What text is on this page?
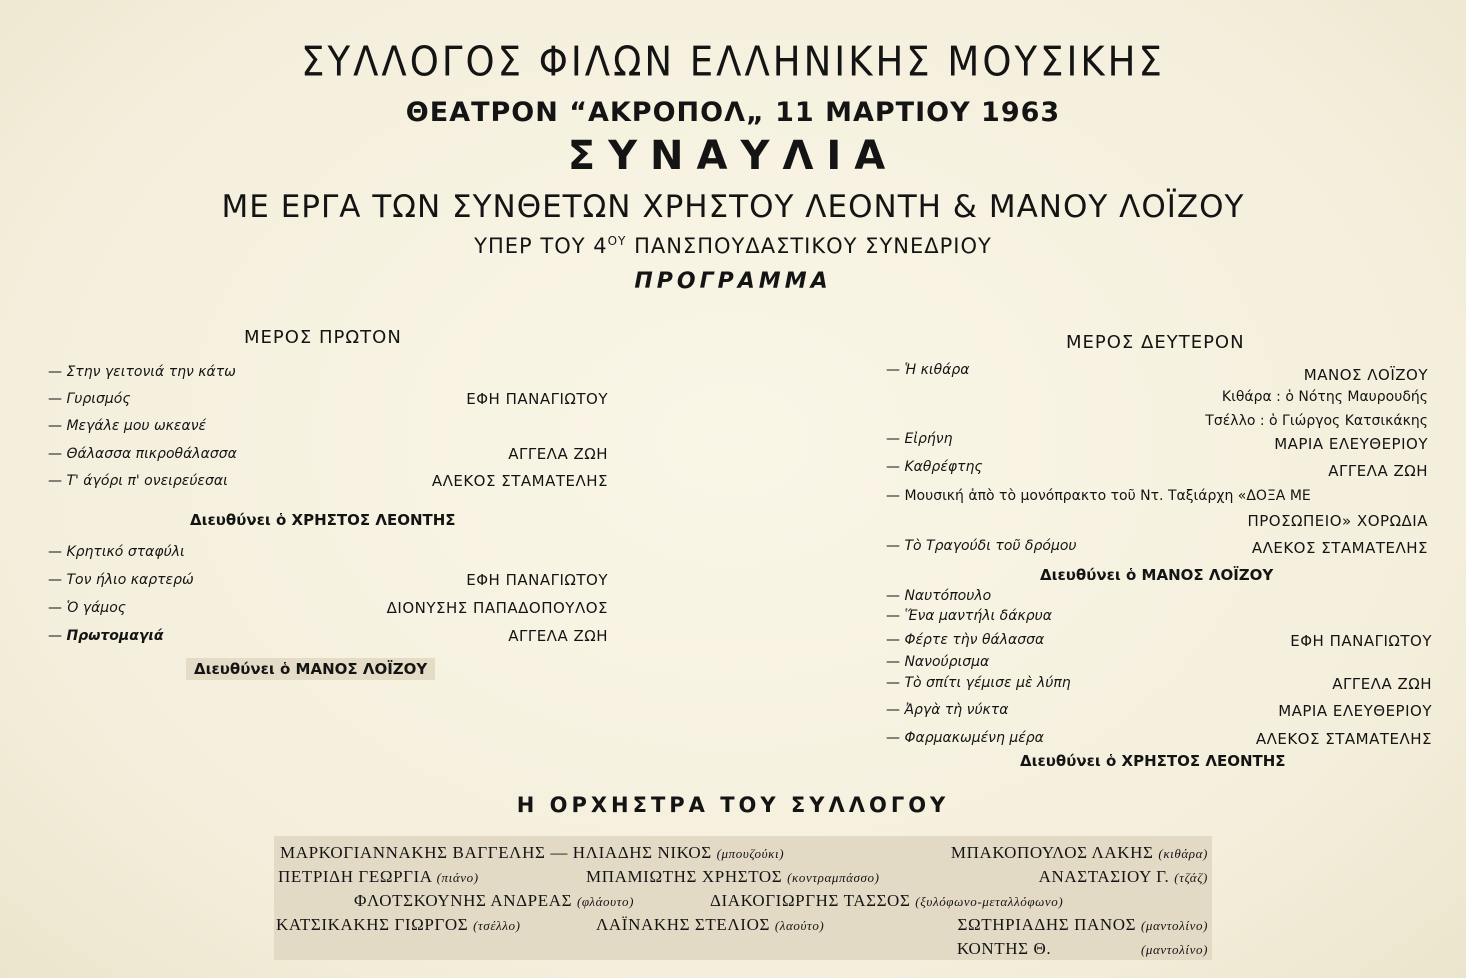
ΣΥΛΛΟΓΟΣ ΦΙΛΩΝ ΕΛΛΗΝΙΚΗΣ ΜΟΥΣΙΚΗΣ
ΘΕΑΤΡΟΝ “ΑΚΡΟΠΟΛ„ 11 ΜΑΡΤΙΟΥ 1963
ΣΥΝΑΥΛΙΑ
ΜΕ ΕΡΓΑ ΤΩΝ ΣΥΝΘΕΤΩΝ ΧΡΗΣΤΟΥ ΛΕΟΝΤΗ & ΜΑΝΟΥ ΛΟΪΖΟΥ
ΥΠΕΡ ΤΟΥ $4^{O\Upsilon}$ ΠΑΝΣΠΟΥΔΑΣΤΙΚΟΥ ΣΥΝΕΔΡΙΟΥ
ΠΡΟΓΡΑΜΜΑ
ΜΕΡΟΣ ΠΡΩΤΟΝ
— Στην γειτονιά την κάτω
— Γυρισμός	ΕΦΗ ΠΑΝΑΓΙΩΤΟΥ
— Μεγάλε μου ωκεανέ
— Θάλασσα πικροθάλασσα	ΑΓΓΕΛΑ ΖΩΗ
— Τ' άγόρι π' ονειρεύεσαι	ΑΛΕΚΟΣ ΣΤΑΜΑΤΕΛΗΣ
Διευθύνει ὁ ΧΡΗΣΤΟΣ ΛΕΟΝΤΗΣ
— Κρητικό σταφύλι
— Τον ήλιο καρτερώ	ΕΦΗ ΠΑΝΑΓΙΩΤΟΥ
— Ὁ γάμος	ΔΙΟΝΥΣΗΣ ΠΑΠΑΔΟΠΟΥΛΟΣ
— Πρωτομαγιά	ΑΓΓΕΛΑ ΖΩΗ
Διευθύνει ὁ ΜΑΝΟΣ ΛΟΪΖΟΥ
ΜΕΡΟΣ ΔΕΥΤΕΡΟΝ
— Ἡ κιθάρα	ΜΑΝΟΣ ΛΟΪΖΟΥ
Κιθάρα : ὁ Νότης Μαυρουδής
Τσέλλο : ὁ Γιώργος Κατσικάκης
— Εἰρήνη	ΜΑΡΙΑ ΕΛΕΥΘΕΡΙΟΥ
— Καθρέφτης	ΑΓΓΕΛΑ ΖΩΗ
— Μουσική ἀπὸ τὸ μονόπρακτο τοῦ Ντ. Ταξιάρχη «ΔΟΞΑ ΜΕ
ΠΡΟΣΩΠΕΙΟ» ΧΟΡΩΔΙΑ
— Τὸ Τραγούδι τοῦ δρόμου	ΑΛΕΚΟΣ ΣΤΑΜΑΤΕΛΗΣ
Διευθύνει ὁ ΜΑΝΟΣ ΛΟΪΖΟΥ
— Ναυτόπουλο
— Ἕνα μαντήλι δάκρυα
— Φέρτε τὴν θάλασσα	ΕΦΗ ΠΑΝΑΓΙΩΤΟΥ
— Νανούρισμα
— Τὸ σπίτι γέμισε μὲ λύπη	ΑΓΓΕΛΑ ΖΩΗ
— Ἀργὰ τὴ νύκτα	ΜΑΡΙΑ ΕΛΕΥΘΕΡΙΟΥ
— Φαρμακωμένη μέρα	ΑΛΕΚΟΣ ΣΤΑΜΑΤΕΛΗΣ
Διευθύνει ὁ ΧΡΗΣΤΟΣ ΛΕΟΝΤΗΣ
Η ΟΡΧΗΣΤΡΑ ΤΟΥ ΣΥΛΛΟΓΟΥ
ΜΑΡΚΟΓΙΑΝΝΑΚΗΣ ΒΑΓΓΕΛΗΣ — ΗΛΙΑΔΗΣ ΝΙΚΟΣ (μπουζούκι)	ΜΠΑΚΟΠΟΥΛΟΣ ΛΑΚΗΣ (κιθάρα)
ΠΕΤΡΙΔΗ ΓΕΩΡΓΙΑ (πιάνο)	ΜΠΑΜΙΩΤΗΣ ΧΡΗΣΤΟΣ (κοντραμπάσσο)	ΑΝΑΣΤΑΣΙΟΥ Γ. (τζάζ)
ΦΛΟΤΣΚΟΥΝΗΣ ΑΝΔΡΕΑΣ (φλάουτο)	ΔΙΑΚΟΓΙΩΡΓΗΣ ΤΑΣΣΟΣ (ξυλόφωνο-μεταλλόφωνο)
ΚΑΤΣΙΚΑΚΗΣ ΓΙΩΡΓΟΣ (τσέλλο)	ΛΑΪΝΑΚΗΣ ΣΤΕΛΙΟΣ (λαούτο)	ΣΩΤΗΡΙΑΔΗΣ ΠΑΝΟΣ (μαντολίνο)
ΚΟΝΤΗΣ Θ.	(μαντολίνο)
